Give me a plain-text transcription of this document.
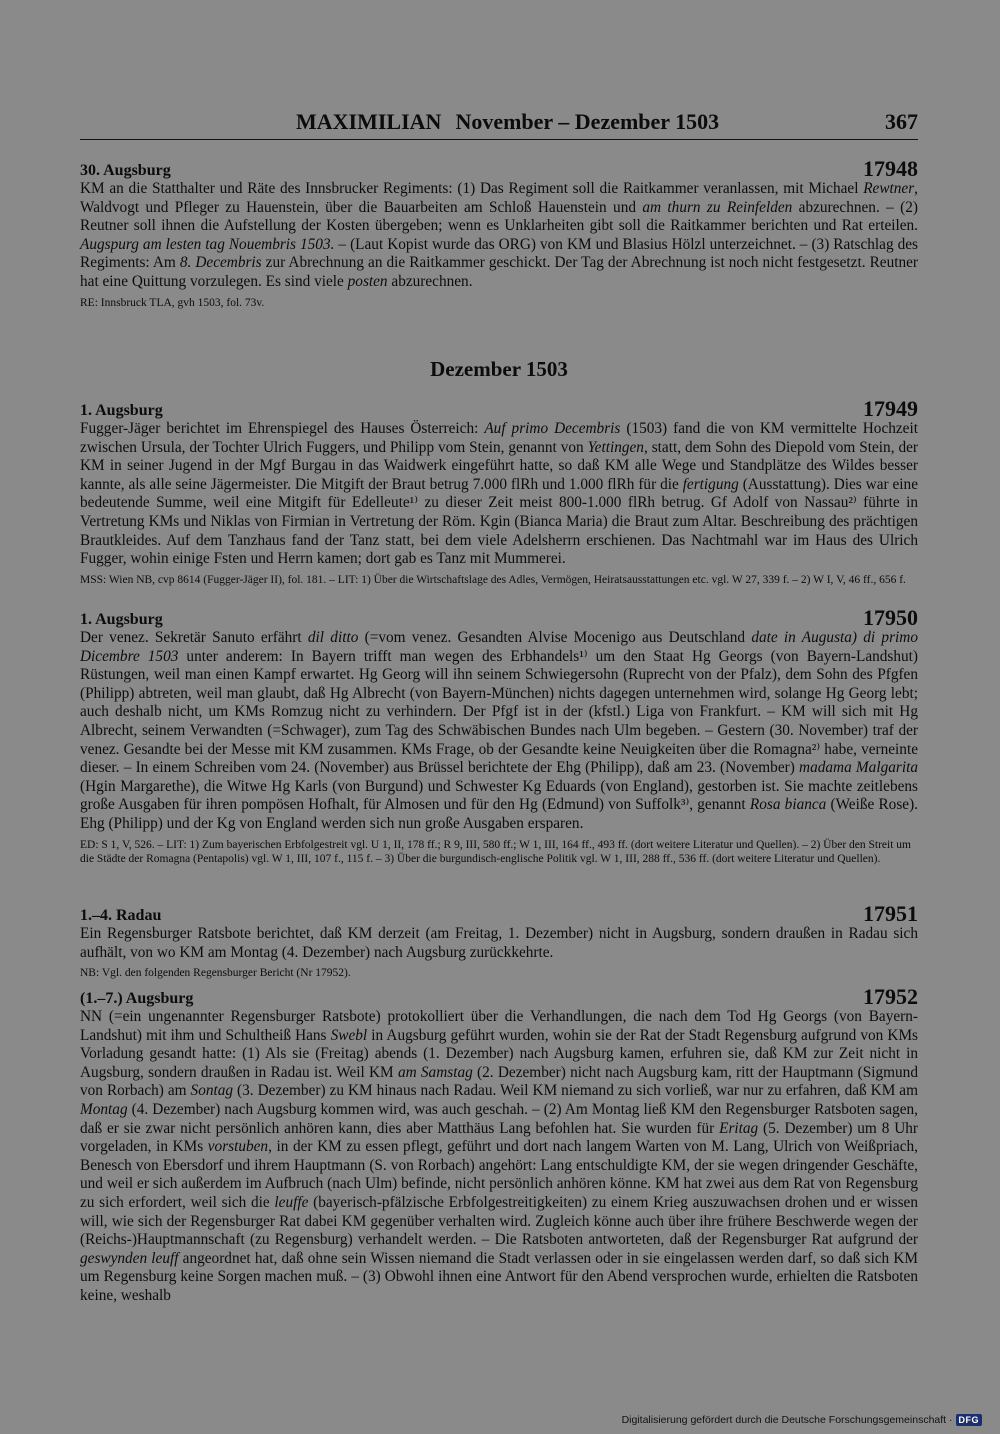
MAXIMILIAN November – Dezember 1503	367
30. Augsburg	17948

KM an die Statthalter und Räte des Innsbrucker Regiments: (1) Das Regiment soll die Raitkammer veranlassen, mit Michael Rewtner, Waldvogt und Pfleger zu Hauenstein, über die Bauarbeiten am Schloß Hauenstein und am thurn zu Reinfelden abzurechnen. – (2) Reutner soll ihnen die Aufstellung der Kosten übergeben; wenn es Unklarheiten gibt soll die Raitkammer berichten und Rat erteilen. Augspurg am lesten tag Nouembris 1503. – (Laut Kopist wurde das ORG) von KM und Blasius Hölzl unterzeichnet. – (3) Ratschlag des Regiments: Am 8. Decembris zur Abrechnung an die Raitkammer geschickt. Der Tag der Abrechnung ist noch nicht festgesetzt. Reutner hat eine Quittung vorzulegen. Es sind viele posten abzurechnen.

RE: Innsbruck TLA, gvh 1503, fol. 73v.

Dezember 1503
1. Augsburg	17949

Fugger-Jäger berichtet im Ehrenspiegel des Hauses Österreich: Auf primo Decembris (1503) fand die von KM vermittelte Hochzeit zwischen Ursula, der Tochter Ulrich Fuggers, und Philipp vom Stein, genannt von Yettingen, statt, dem Sohn des Diepold vom Stein, der KM in seiner Jugend in der Mgf Burgau in das Waidwerk eingeführt hatte, so daß KM alle Wege und Standplätze des Wildes besser kannte, als alle seine Jägermeister. Die Mitgift der Braut betrug 7.000 flRh und 1.000 flRh für die fertigung (Ausstattung). Dies war eine bedeutende Summe, weil eine Mitgift für Edelleute¹⁾ zu dieser Zeit meist 800-1.000 flRh betrug. Gf Adolf von Nassau²⁾ führte in Vertretung KMs und Niklas von Firmian in Vertretung der Röm. Kgin (Bianca Maria) die Braut zum Altar. Beschreibung des prächtigen Brautkleides. Auf dem Tanzhaus fand der Tanz statt, bei dem viele Adelsherrn erschienen. Das Nachtmahl war im Haus des Ulrich Fugger, wohin einige Fsten und Herrn kamen; dort gab es Tanz mit Mummerei.

MSS: Wien NB, cvp 8614 (Fugger-Jäger II), fol. 181. – LIT: 1) Über die Wirtschaftslage des Adles, Vermögen, Heiratsausstattungen etc. vgl. W 27, 339 f. – 2) W I, V, 46 ff., 656 f.

1. Augsburg	17950

Der venez. Sekretär Sanuto erfährt dil ditto (=vom venez. Gesandten Alvise Mocenigo aus Deutschland date in Augusta) di primo Dicembre 1503 unter anderem: In Bayern trifft man wegen des Erbhandels¹⁾ um den Staat Hg Georgs (von Bayern-Landshut) Rüstungen, weil man einen Kampf erwartet. Hg Georg will ihn seinem Schwiegersohn (Ruprecht von der Pfalz), dem Sohn des Pfgfen (Philipp) abtreten, weil man glaubt, daß Hg Albrecht (von Bayern-München) nichts dagegen unternehmen wird, solange Hg Georg lebt; auch deshalb nicht, um KMs Romzug nicht zu verhindern. Der Pfgf ist in der (kfstl.) Liga von Frankfurt. – KM will sich mit Hg Albrecht, seinem Verwandten (=Schwager), zum Tag des Schwäbischen Bundes nach Ulm begeben. – Gestern (30. November) traf der venez. Gesandte bei der Messe mit KM zusammen. KMs Frage, ob der Gesandte keine Neuigkeiten über die Romagna²⁾ habe, verneinte dieser. – In einem Schreiben vom 24. (November) aus Brüssel berichtete der Ehg (Philipp), daß am 23. (November) madama Malgarita (Hgin Margarethe), die Witwe Hg Karls (von Burgund) und Schwester Kg Eduards (von England), gestorben ist. Sie machte zeitlebens große Ausgaben für ihren pompösen Hofhalt, für Almosen und für den Hg (Edmund) von Suffolk³⁾, genannt Rosa bianca (Weiße Rose). Ehg (Philipp) und der Kg von England werden sich nun große Ausgaben ersparen.

ED: S 1, V, 526. – LIT: 1) Zum bayerischen Erbfolgestreit vgl. U 1, II, 178 ff.; R 9, III, 580 ff.; W 1, III, 164 ff., 493 ff. (dort weitere Literatur und Quellen). – 2) Über den Streit um die Städte der Romagna (Pentapolis) vgl. W 1, III, 107 f., 115 f. – 3) Über die burgundisch-englische Politik vgl. W 1, III, 288 ff., 536 ff. (dort weitere Literatur und Quellen).

1.–4. Radau	17951

Ein Regensburger Ratsbote berichtet, daß KM derzeit (am Freitag, 1. Dezember) nicht in Augsburg, sondern draußen in Radau sich aufhält, von wo KM am Montag (4. Dezember) nach Augsburg zurückkehrte.

NB: Vgl. den folgenden Regensburger Bericht (Nr 17952).

(1.–7.) Augsburg	17952

NN (=ein ungenannter Regensburger Ratsbote) protokolliert über die Verhandlungen, die nach dem Tod Hg Georgs (von Bayern-Landshut) mit ihm und Schultheiß Hans Swebl in Augsburg geführt wurden, wohin sie der Rat der Stadt Regensburg aufgrund von KMs Vorladung gesandt hatte: (1) Als sie (Freitag) abends (1. Dezember) nach Augsburg kamen, erfuhren sie, daß KM zur Zeit nicht in Augsburg, sondern draußen in Radau ist. Weil KM am Samstag (2. Dezember) nicht nach Augsburg kam, ritt der Hauptmann (Sigmund von Rorbach) am Sontag (3. Dezember) zu KM hinaus nach Radau. Weil KM niemand zu sich vorließ, war nur zu erfahren, daß KM am Montag (4. Dezember) nach Augsburg kommen wird, was auch geschah. – (2) Am Montag ließ KM den Regensburger Ratsboten sagen, daß er sie zwar nicht persönlich anhören kann, dies aber Matthäus Lang befohlen hat. Sie wurden für Eritag (5. Dezember) um 8 Uhr vorgeladen, in KMs vorstuben, in der KM zu essen pflegt, geführt und dort nach langem Warten von M. Lang, Ulrich von Weißpriach, Benesch von Ebersdorf und ihrem Hauptmann (S. von Rorbach) angehört: Lang entschuldigte KM, der sie wegen dringender Geschäfte, und weil er sich außerdem im Aufbruch (nach Ulm) befinde, nicht persönlich anhören könne. KM hat zwei aus dem Rat von Regensburg zu sich erfordert, weil sich die leuffe (bayerisch-pfälzische Erbfolgestreitigkeiten) zu einem Krieg auszuwachsen drohen und er wissen will, wie sich der Regensburger Rat dabei KM gegenüber verhalten wird. Zugleich könne auch über ihre frühere Beschwerde wegen der (Reichs-)Hauptmannschaft (zu Regensburg) verhandelt werden. – Die Ratsboten antworteten, daß der Regensburger Rat aufgrund der geswynden leuff angeordnet hat, daß ohne sein Wissen niemand die Stadt verlassen oder in sie eingelassen werden darf, so daß sich KM um Regensburg keine Sorgen machen muß. – (3) Obwohl ihnen eine Antwort für den Abend versprochen wurde, erhielten die Ratsboten keine, weshalb

Digitalisierung gefördert durch die Deutsche Forschungsgemeinschaft · DFG
